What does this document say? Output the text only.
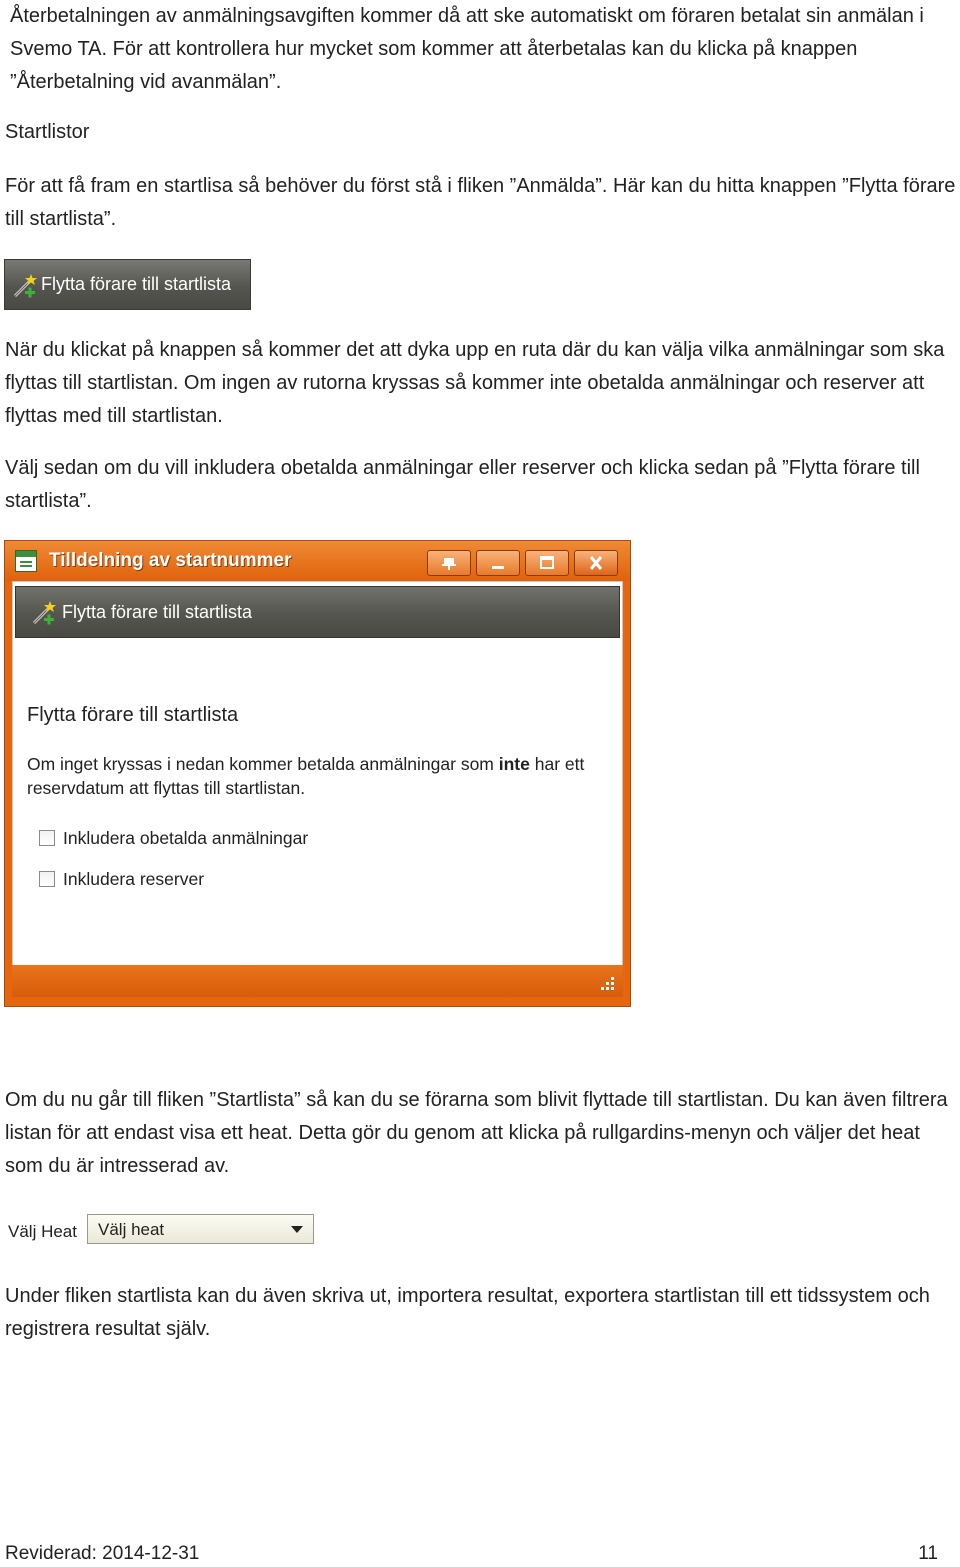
Återbetalningen av anmälningsavgiften kommer då att ske automatiskt om föraren betalat sin anmälan i Svemo TA. För att kontrollera hur mycket som kommer att återbetalas kan du klicka på knappen ”Återbetalning vid avanmälan”.

Startlistor

För att få fram en startlisa så behöver du först stå i fliken ”Anmälda”. Här kan du hitta knappen ”Flytta förare till startlista”.

Flytta förare till startlista

När du klickat på knappen så kommer det att dyka upp en ruta där du kan välja vilka anmälningar som ska flyttas till startlistan. Om ingen av rutorna kryssas så kommer inte obetalda anmälningar och reserver att flyttas med till startlistan.

Välj sedan om du vill inkludera obetalda anmälningar eller reserver och klicka sedan på ”Flytta förare till startlista”.

Tilldelning av startnummer
Flytta förare till startlista
Flytta förare till startlista

Om inget kryssas i nedan kommer betalda anmälningar som inte har ett reservdatum att flyttas till startlistan.

Inkludera obetalda anmälningar
Inkludera reserver

Om du nu går till fliken ”Startlista” så kan du se förarna som blivit flyttade till startlistan. Du kan även filtrera listan för att endast visa ett heat. Detta gör du genom att klicka på rullgardins-menyn och väljer det heat som du är intresserad av.

Välj Heat Välj heat

Under fliken startlista kan du även skriva ut, importera resultat, exportera startlistan till ett tidssystem och registrera resultat själv.

Reviderad: 2014-12-31	11
